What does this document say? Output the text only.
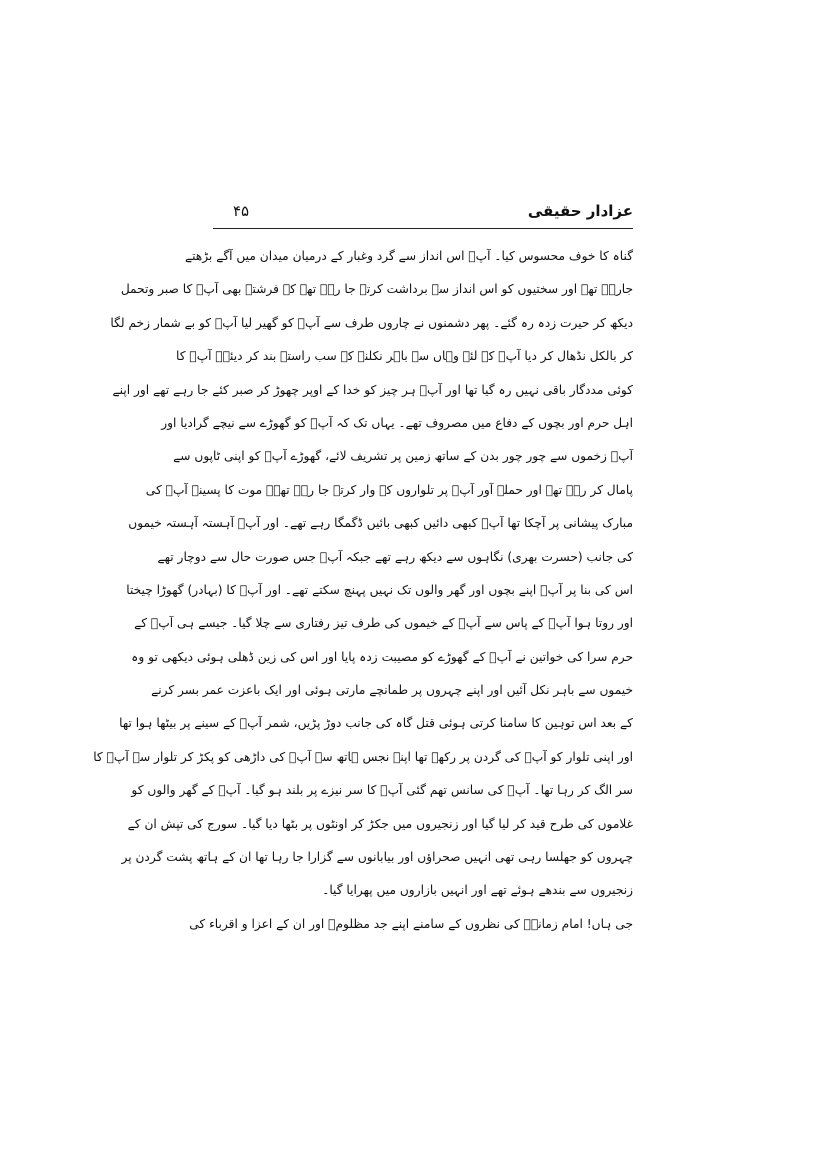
عزادار حقیقی
۴۵
گناہ کا خوف محسوس کیا۔ آپؑ اس انداز سے گرد وغبار کے درمیان میدان میں آگے بڑھتے
جارہے تھے اور سختیوں کو اس انداز سے برداشت کرتے جا رہے تھے کہ فرشتے بھی آپؑ کا صبر وتحمل
دیکھ کر حیرت زدہ رہ گئے۔ پھر دشمنوں نے چاروں طرف سے آپؑ کو گھیر لیا آپؑ کو بے شمار زخم لگا
کر بالکل نڈھال کر دیا آپؑ کے لئے وہاں سے باہر نکلنے کے سب راستے بند کر دیئے۔ آپؑ کا
کوئی مددگار باقی نہیں رہ گیا تھا اور آپؑ ہر چیز کو خدا کے اوپر چھوڑ کر صبر کئے جا رہے تھے اور اپنے
اہل حرم اور بچوں کے دفاع میں مصروف تھے۔ یہاں تک کہ آپؑ کو گھوڑے سے نیچے گرادیا اور
آپؑ زخموں سے چور چور بدن کے ساتھ زمین پر تشریف لائے، گھوڑے آپؑ کو اپنی ٹاپوں سے
پامال کر رہے تھے اور حملہ آور آپؑ پر تلواروں کے وار کرتے جا رہے تھے۔ موت کا پسینہ آپؑ کی
مبارک پیشانی پر آچکا تھا آپؑ کبھی دائیں کبھی بائیں ڈگمگا رہے تھے۔ اور آپؑ آہستہ آہستہ خیموں
کی جانب (حسرت بھری) نگاہوں سے دیکھ رہے تھے جبکہ آپؑ جس صورت حال سے دوچار تھے
اس کی بنا پر آپؑ اپنے بچوں اور گھر والوں تک نہیں پہنچ سکتے تھے۔ اور آپؑ کا (بہادر) گھوڑا چیختا
اور روتا ہوا آپؑ کے پاس سے آپؑ کے خیموں کی طرف تیز رفتاری سے چلا گیا۔ جیسے ہی آپؑ کے
حرم سرا کی خواتین نے آپؑ کے گھوڑے کو مصیبت زدہ پایا اور اس کی زین ڈھلی ہوئی دیکھی تو وہ
خیموں سے باہر نکل آئیں اور اپنے چہروں پر طمانچے مارتی ہوئی اور ایک باعزت عمر بسر کرنے
کے بعد اس توہین کا سامنا کرتی ہوئی قتل گاہ کی جانب دوڑ پڑیں، شمر آپؑ کے سینے پر بیٹھا ہوا تھا
اور اپنی تلوار کو آپؑ کی گردن پر رکھے تھا اپنے نجس ہاتھ سے آپؑ کی داڑھی کو پکڑ کر تلوار سے آپؑ کا
سر الگ کر رہا تھا۔ آپؑ کی سانس تھم گئی آپؑ کا سر نیزے پر بلند ہو گیا۔ آپؑ کے گھر والوں کو
غلاموں کی طرح قید کر لیا گیا اور زنجیروں میں جکڑ کر اونٹوں پر بٹھا دیا گیا۔ سورج کی تپش ان کے
چہروں کو جھلسا رہی تھی انہیں صحراؤں اور بیابانوں سے گزارا جا رہا تھا ان کے ہاتھ پشت گردن پر
زنجیروں سے بندھے ہوئے تھے اور انہیں بازاروں میں پھرایا گیا۔
جی ہاں! امام زمانہؑ کی نظروں کے سامنے اپنے جد مظلومؑ اور ان کے اعزا و اقرباء کی
